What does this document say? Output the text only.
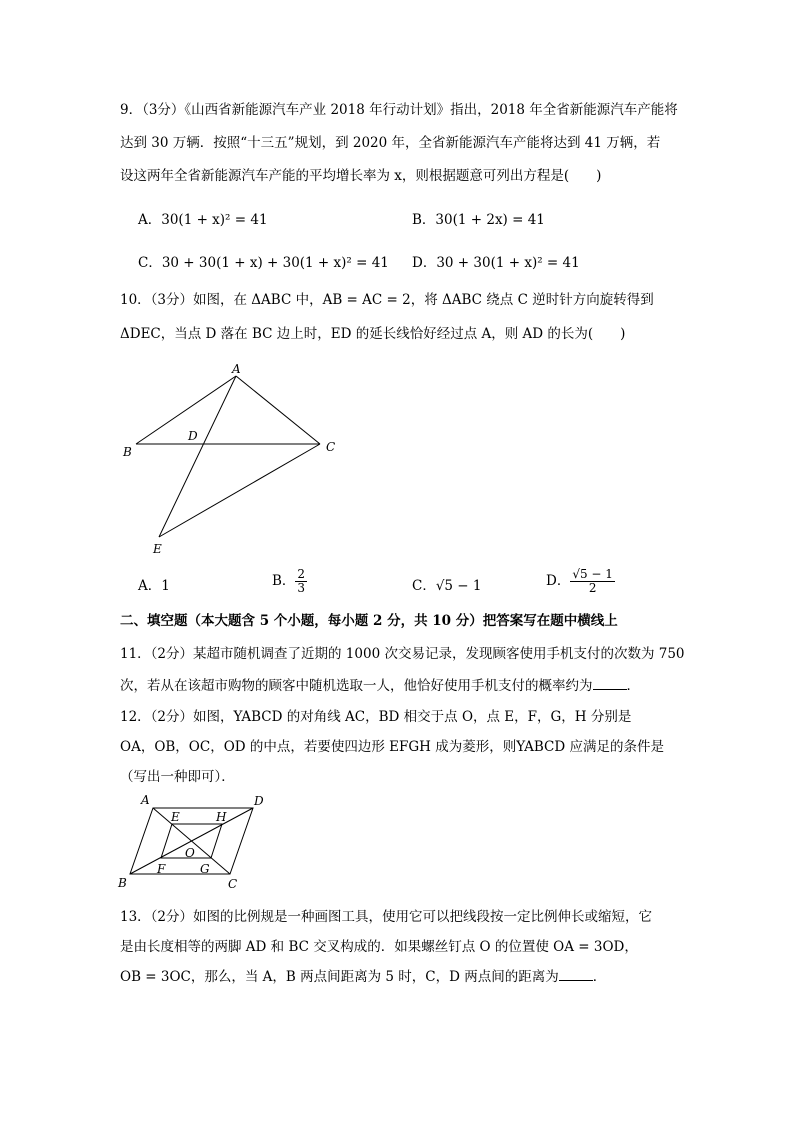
9．（3分）《山西省新能源汽车产业 2018 年行动计划》指出，2018 年全省新能源汽车产能将
达到 30 万辆．按照“十三五”规划，到 2020 年，全省新能源汽车产能将达到 41 万辆，若
设这两年全省新能源汽车产能的平均增长率为 x，则根据题意可列出方程是(　　)
A．30(1 + x)² = 41	B．30(1 + 2x) = 41
C．30 + 30(1 + x) + 30(1 + x)² = 41 D．30 + 30(1 + x)² = 41
10．（3分）如图，在 ΔABC 中，AB = AC = 2，将 ΔABC 绕点 C 逆时针方向旋转得到
ΔDEC，当点 D 落在 BC 边上时，ED 的延长线恰好经过点 A，则 AD 的长为(　　)
A
B	C
D
E
A．1	B． $\frac{2}{3}$	C．√5 − 1	D． $\frac{√5 - 1}{2}$
二、填空题（本大题含 5 个小题，每小题 2 分，共 10 分）把答案写在题中横线上
11．（2分）某超市随机调查了近期的 1000 次交易记录，发现顾客使用手机支付的次数为 750
次，若从在该超市购物的顾客中随机选取一人，他恰好使用手机支付的概率约为	．
12．（2分）如图，YABCD 的对角线 AC，BD 相交于点 O，点 E，F，G，H 分别是
OA，OB，OC，OD 的中点，若要使四边形 EFGH 成为菱形，则YABCD 应满足的条件是
（写出一种即可）．
A	D
B	C
E	H
F	G
O
13．（2分）如图的比例规是一种画图工具，使用它可以把线段按一定比例伸长或缩短，它
是由长度相等的两脚 AD 和 BC 交叉构成的．如果螺丝钉点 O 的位置使 OA = 3OD，
OB = 3OC，那么，当 A，B 两点间距离为 5 时，C，D 两点间的距离为	．
